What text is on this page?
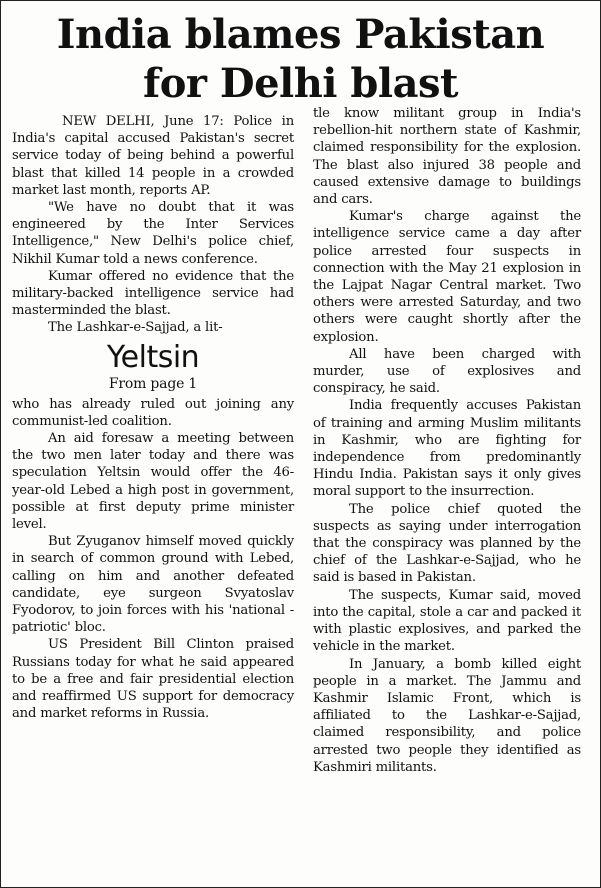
India blames Pakistan
for Delhi blast

NEW DELHI, June 17: Police in India's capital accused Pakistan's secret service today of being behind a powerful blast that killed 14 people in a crowded market last month, reports AP.

"We have no doubt that it was engineered by the Inter Services Intelligence," New Delhi's police chief, Nikhil Kumar told a news conference.

Kumar offered no evidence that the military-backed intelligence service had masterminded the blast.

The Lashkar-e-Sajjad, a lit-

Yeltsin
From page 1

who has already ruled out joining any communist-led coalition.

An aid foresaw a meeting between the two men later today and there was speculation Yeltsin would offer the 46-year-old Lebed a high post in government, possible at first deputy prime minister level.

But Zyuganov himself moved quickly in search of common ground with Lebed, calling on him and another defeated candidate, eye surgeon Svyatoslav Fyodorov, to join forces with his 'national -patriotic' bloc.

US President Bill Clinton praised Russians today for what he said appeared to be a free and fair presidential election and reaffirmed US support for democracy and market reforms in Russia.

tle know militant group in India's rebellion-hit northern state of Kashmir, claimed responsibility for the explosion. The blast also injured 38 people and caused extensive damage to buildings and cars.

Kumar's charge against the intelligence service came a day after police arrested four suspects in connection with the May 21 explosion in the Lajpat Nagar Central market. Two others were arrested Saturday, and two others were caught shortly after the explosion.

All have been charged with murder, use of explosives and conspiracy, he said.

India frequently accuses Pakistan of training and arming Muslim militants in Kashmir, who are fighting for independence from predominantly Hindu India. Pakistan says it only gives moral support to the insurrection.

The police chief quoted the suspects as saying under interrogation that the conspiracy was planned by the chief of the Lashkar-e-Sajjad, who he said is based in Pakistan.

The suspects, Kumar said, moved into the capital, stole a car and packed it with plastic explosives, and parked the vehicle in the market.

In January, a bomb killed eight people in a market. The Jammu and Kashmir Islamic Front, which is affiliated to the Lashkar-e-Sajjad, claimed responsibility, and police arrested two people they identified as Kashmiri militants.
